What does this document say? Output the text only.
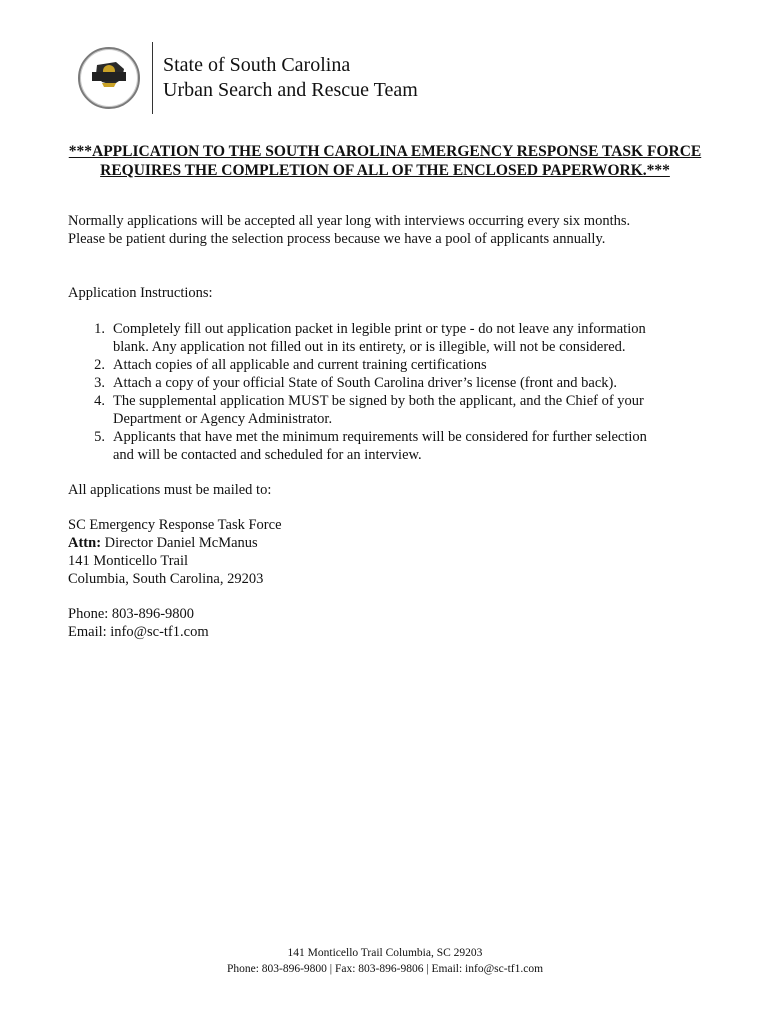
State of South Carolina
Urban Search and Rescue Team
***APPLICATION TO THE SOUTH CAROLINA EMERGENCY RESPONSE TASK FORCE
REQUIRES THE COMPLETION OF ALL OF THE ENCLOSED PAPERWORK.***
Normally applications will be accepted all year long with interviews occurring every six months.
Please be patient during the selection process because we have a pool of applicants annually.
Application Instructions:
1. Completely fill out application packet in legible print or type - do not leave any information
blank. Any application not filled out in its entirety, or is illegible, will not be considered.
2. Attach copies of all applicable and current training certifications
3. Attach a copy of your official State of South Carolina driver’s license (front and back).
4. The supplemental application MUST be signed by both the applicant, and the Chief of your
Department or Agency Administrator.
5. Applicants that have met the minimum requirements will be considered for further selection
and will be contacted and scheduled for an interview.
All applications must be mailed to:
SC Emergency Response Task Force
Attn: Director Daniel McManus
141 Monticello Trail
Columbia, South Carolina, 29203
Phone: 803-896-9800
Email: info@sc-tf1.com
141 Monticello Trail Columbia, SC 29203
Phone: 803-896-9800 | Fax: 803-896-9806 | Email: info@sc-tf1.com
